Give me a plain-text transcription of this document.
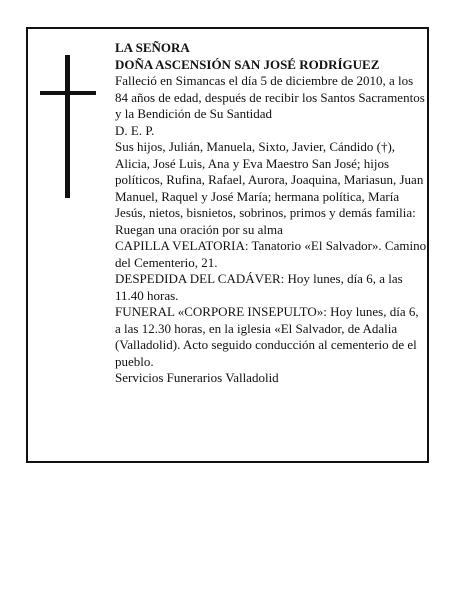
LA SEÑORA

DOÑA ASCENSIÓN SAN JOSÉ RODRÍGUEZ

Falleció en Simancas el día 5 de diciembre de 2010, a los 84 años de edad, después de recibir los Santos Sacramentos y la Bendición de Su Santidad

D. E. P.

Sus hijos, Julián, Manuela, Sixto, Javier, Cándido (†), Alicia, José Luis, Ana y Eva Maestro San José; hijos políticos, Rufina, Rafael, Aurora, Joaquina, Mariasun, Juan Manuel, Raquel y José María; hermana política, María Jesús, nietos, bisnietos, sobrinos, primos y demás familia:

Ruegan una oración por su alma

CAPILLA VELATORIA: Tanatorio «El Salvador». Camino del Cementerio, 21.

DESPEDIDA DEL CADÁVER: Hoy lunes, día 6, a las 11.40 horas.

FUNERAL «CORPORE INSEPULTO»: Hoy lunes, día 6, a las 12.30 horas, en la iglesia «El Salvador, de Adalia (Valladolid). Acto seguido conducción al cementerio de el pueblo.

Servicios Funerarios Valladolid
